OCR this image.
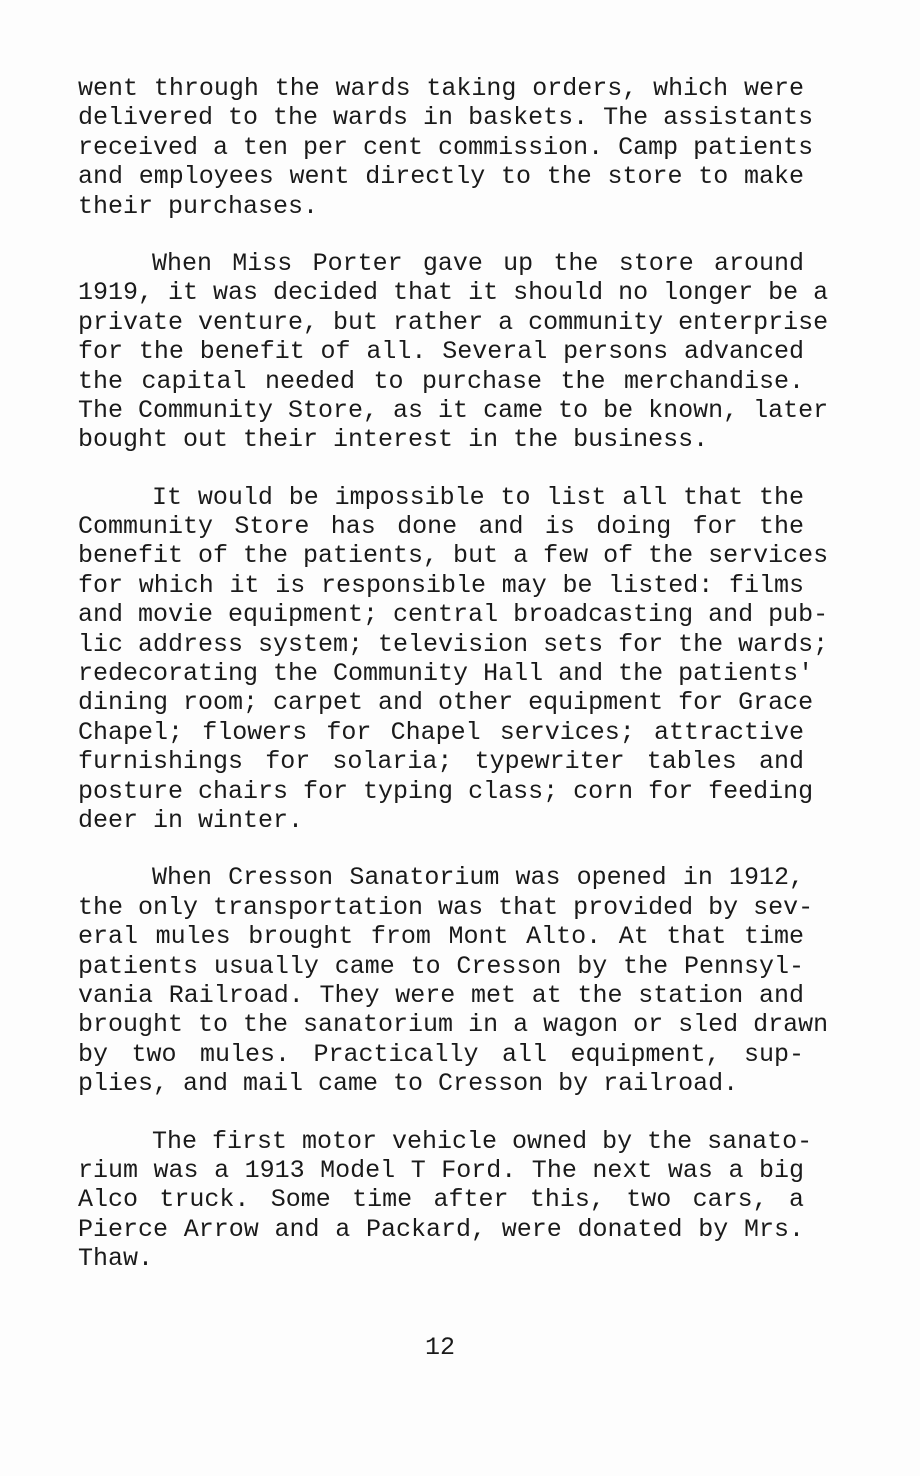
went through the wards taking orders, which were
delivered to the wards in baskets. The assistants
received a ten per cent commission. Camp patients
and employees went directly to the store to make
their purchases.
When Miss Porter gave up the store around
1919, it was decided that it should no longer be a
private venture, but rather a community enterprise
for the benefit of all. Several persons advanced
the capital needed to purchase the merchandise.
The Community Store, as it came to be known, later
bought out their interest in the business.
It would be impossible to list all that the
Community Store has done and is doing for the
benefit of the patients, but a few of the services
for which it is responsible may be listed: films
and movie equipment; central broadcasting and pub-
lic address system; television sets for the wards;
redecorating the Community Hall and the patients'
dining room; carpet and other equipment for Grace
Chapel; flowers for Chapel services; attractive
furnishings for solaria; typewriter tables and
posture chairs for typing class; corn for feeding
deer in winter.
When Cresson Sanatorium was opened in 1912,
the only transportation was that provided by sev-
eral mules brought from Mont Alto. At that time
patients usually came to Cresson by the Pennsyl-
vania Railroad. They were met at the station and
brought to the sanatorium in a wagon or sled drawn
by two mules. Practically all equipment, sup-
plies, and mail came to Cresson by railroad.
The first motor vehicle owned by the sanato-
rium was a 1913 Model T Ford. The next was a big
Alco truck. Some time after this, two cars, a
Pierce Arrow and a Packard, were donated by Mrs.
Thaw.
12
